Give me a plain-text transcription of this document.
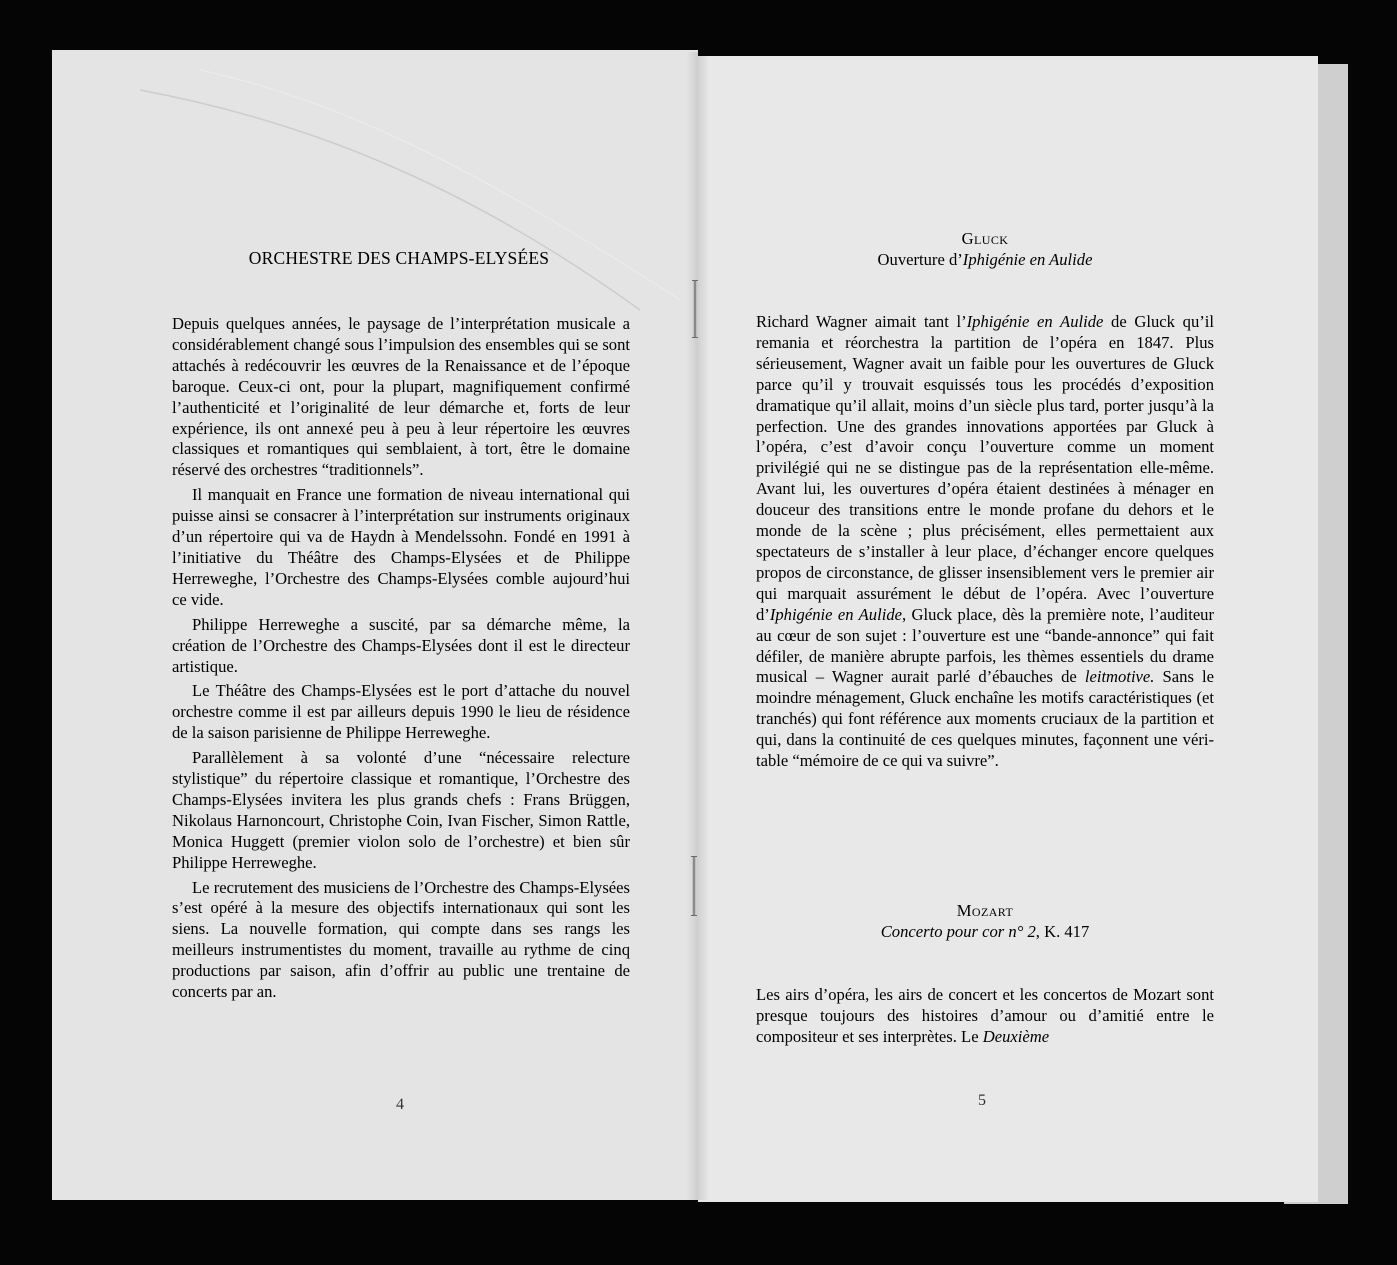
ORCHESTRE DES CHAMPS-ELYSÉES

Depuis quelques années, le paysage de l’interprétation musicale a considérablement changé sous l’impulsion des ensembles qui se sont attachés à redécouvrir les œuvres de la Renaissance et de l’époque baroque. Ceux-ci ont, pour la plupart, magnifiquement confirmé l’authenticité et l’originalité de leur démarche et, forts de leur expérience, ils ont annexé peu à peu à leur répertoire les œuvres classiques et romantiques qui semblaient, à tort, être le domaine réservé des orchestres “traditionnels”.

Il manquait en France une formation de niveau international qui puisse ainsi se consacrer à l’interprétation sur instruments originaux d’un répertoire qui va de Haydn à Mendelssohn. Fondé en 1991 à l’initiative du Théâtre des Champs-Elysées et de Philippe Herreweghe, l’Orchestre des Champs-Elysées comble aujourd’hui ce vide.

Philippe Herreweghe a suscité, par sa démarche même, la création de l’Orchestre des Champs-Elysées dont il est le directeur artistique.

Le Théâtre des Champs-Elysées est le port d’attache du nouvel orchestre comme il est par ailleurs depuis 1990 le lieu de résidence de la saison parisienne de Philippe Herreweghe.

Parallèlement à sa volonté d’une “nécessaire relecture stylistique” du répertoire classique et romantique, l’Orchestre des Champs-Elysées invitera les plus grands chefs : Frans Brüggen, Nikolaus Harnoncourt, Christophe Coin, Ivan Fischer, Simon Rattle, Monica Huggett (premier violon solo de l’orchestre) et bien sûr Philippe Herreweghe.

Le recrutement des musiciens de l’Orchestre des Champs-Elysées s’est opéré à la mesure des objectifs internationaux qui sont les siens. La nouvelle formation, qui compte dans ses rangs les meilleurs instrumentistes du moment, travaille au rythme de cinq productions par saison, afin d’offrir au public une trentaine de concerts par an.

4
Gluck
Ouverture d’Iphigénie en Aulide

Richard Wagner aimait tant l’Iphigénie en Aulide de Gluck qu’il remania et réorchestra la partition de l’opéra en 1847. Plus sérieusement, Wagner avait un faible pour les ouvertures de Gluck parce qu’il y trouvait esquissés tous les procédés d’exposition dramatique qu’il allait, moins d’un siècle plus tard, porter jusqu’à la perfection. Une des grandes innovations apportées par Gluck à l’opéra, c’est d’avoir conçu l’ouverture comme un moment privilégié qui ne se distingue pas de la représentation elle-même. Avant lui, les ouvertures d’opéra étaient destinées à ménager en douceur des transitions entre le monde profane du dehors et le monde de la scène ; plus précisément, elles permettaient aux spectateurs de s’installer à leur place, d’échanger encore quelques propos de circonstance, de glisser insensiblement vers le premier air qui marquait assurément le début de l’opéra. Avec l’ouverture d’Iphigénie en Aulide, Gluck place, dès la première note, l’auditeur au cœur de son sujet : l’ouverture est une “bande-annonce” qui fait défiler, de manière abrupte parfois, les thèmes essentiels du drame musical – Wagner aurait parlé d’ébauches de leitmotive. Sans le moindre ménagement, Gluck enchaîne les motifs caractéristiques (et tranchés) qui font référence aux moments cruciaux de la partition et qui, dans la continuité de ces quelques minutes, façonnent une véritable “mémoire de ce qui va suivre”.

Mozart
Concerto pour cor n° 2, K. 417

Les airs d’opéra, les airs de concert et les concertos de Mozart sont presque toujours des histoires d’amour ou d’amitié entre le compositeur et ses interprètes. Le Deuxième

5
